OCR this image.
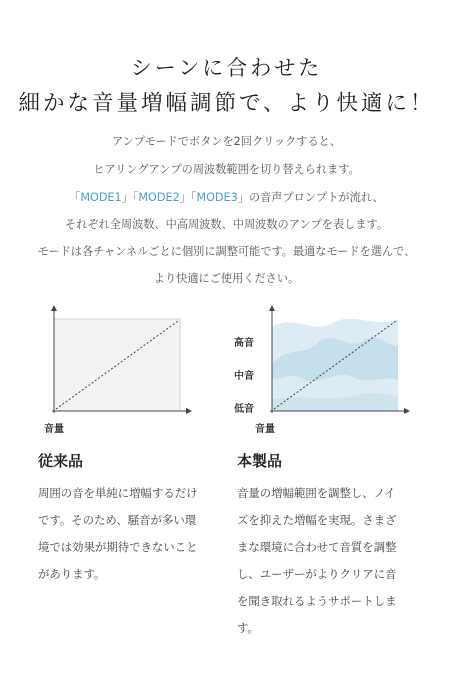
シーンに合わせた
細かな音量増幅調節で、より快適に！
アンプモードでボタンを2回クリックすると、
ヒアリングアンプの周波数範囲を切り替えられます。
「MODE1」「MODE2」「MODE3」の音声プロンプトが流れ、
それぞれ全周波数、中高周波数、中周波数のアンプを表します。
モードは各チャンネルごとに個別に調整可能です。最適なモードを選んで、
より快適にご使用ください。
音量
高音
中音
低音
音量
従来品	本製品
周囲の音を単純に増幅するだけ
です。そのため、騒音が多い環
境では効果が期待できないこと
があります。
音量の増幅範囲を調整し、ノイ
ズを抑えた増幅を実現。さまざ
まな環境に合わせて音質を調整
し、ユーザーがよりクリアに音
を聞き取れるようサポートしま
す。
